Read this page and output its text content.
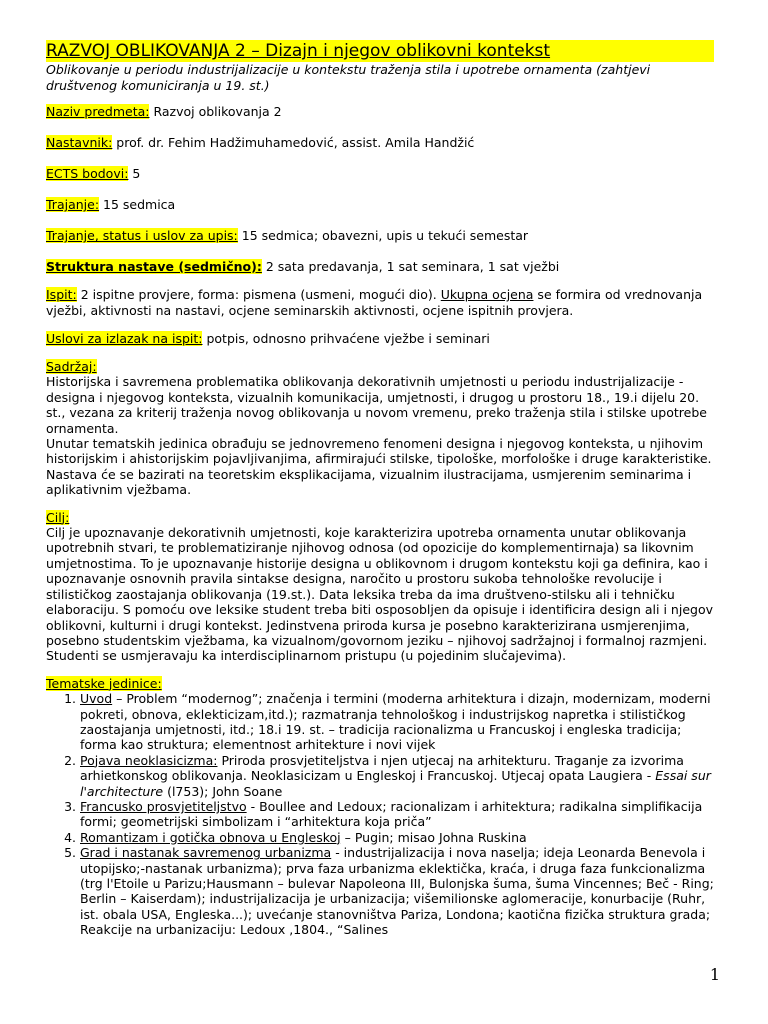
RAZVOJ OBLIKOVANJA 2 – Dizajn i njegov oblikovni kontekst
Oblikovanje u periodu industrijalizacije u kontekstu traženja stila i upotrebe ornamenta (zahtjevi društvenog komuniciranja u 19. st.)
Naziv predmeta: Razvoj oblikovanja 2
Nastavnik: prof. dr. Fehim Hadžimuhamedović, assist. Amila Handžić
ECTS bodovi: 5
Trajanje: 15 sedmica
Trajanje, status i uslov za upis: 15 sedmica; obavezni, upis u tekući semestar
Struktura nastave (sedmično): 2 sata predavanja, 1 sat seminara, 1 sat vježbi
Ispit: 2 ispitne provjere, forma: pismena (usmeni, mogući dio). Ukupna ocjena se formira od vrednovanja vježbi, aktivnosti na nastavi, ocjene seminarskih aktivnosti, ocjene ispitnih provjera.
Uslovi za izlazak na ispit: potpis, odnosno prihvaćene vježbe i seminari
Sadržaj:
Historijska i savremena problematika oblikovanja dekorativnih umjetnosti u periodu industrijalizacije - designa i njegovog konteksta, vizualnih komunikacija, umjetnosti, i drugog u prostoru 18., 19.i dijelu 20. st., vezana za kriterij traženja novog oblikovanja u novom vremenu, preko traženja stila i stilske upotrebe ornamenta.
Unutar tematskih jedinica obrađuju se jednovremeno fenomeni designa i njegovog konteksta, u njihovim historijskim i ahistorijskim pojavljivanjima, afirmirajući stilske, tipološke, morfološke i druge karakteristike. Nastava će se bazirati na teoretskim eksplikacijama, vizualnim ilustracijama, usmjerenim seminarima i aplikativnim vježbama.
Cilj:
Cilj je upoznavanje dekorativnih umjetnosti, koje karakterizira upotreba ornamenta unutar oblikovanja upotrebnih stvari, te problematiziranje njihovog odnosa (od opozicije do komplementirnaja) sa likovnim umjetnostima. To je upoznavanje historije designa u oblikovnom i drugom kontekstu koji ga definira, kao i upoznavanje osnovnih pravila sintakse designa, naročito u prostoru sukoba tehnološke revolucije i stilističkog zaostajanja oblikovanja (19.st.). Data leksika treba da ima društveno-stilsku ali i tehničku elaboraciju. S pomoću ove leksike student treba biti osposobljen da opisuje i identificira design ali i njegov oblikovni, kulturni i drugi kontekst. Jedinstvena priroda kursa je posebno karakterizirana usmjerenjima, posebno studentskim vježbama, ka vizualnom/govornom jeziku – njihovoj sadržajnoj i formalnoj razmjeni. Studenti se usmjeravaju ka interdisciplinarnom pristupu (u pojedinim slučajevima).
Tematske jedinice:
1. Uvod – Problem “modernog”; značenja i termini (moderna arhitektura i dizajn, modernizam, moderni pokreti, obnova, eklekticizam,itd.); razmatranja tehnološkog i industrijskog napretka i stilističkog zaostajanja umjetnosti, itd.; 18.i 19. st. – tradicija racionalizma u Francuskoj i engleska tradicija; forma kao struktura; elementnost arhitekture i novi vijek
2. Pojava neoklasicizma: Priroda prosvjetiteljstva i njen utjecaj na arhitekturu. Traganje za izvorima arhietkonskog oblikovanja. Neoklasicizam u Engleskoj i Francuskoj. Utjecaj opata Laugiera - Essai sur l'architecture (l753); John Soane
3. Francusko prosvjetiteljstvo - Boullee and Ledoux; racionalizam i arhitektura; radikalna simplifikacija formi; geometrijski simbolizam i “arhitektura koja priča”
4. Romantizam i gotička obnova u Engleskoj – Pugin; misao Johna Ruskina
5. Grad i nastanak savremenog urbanizma - industrijalizacija i nova naselja; ideja Leonarda Benevola i utopijsko;-nastanak urbanizma); prva faza urbanizma eklektička, kraća, i druga faza funkcionalizma (trg l'Etoile u Parizu;Hausmann – bulevar Napoleona III, Bulonjska šuma, šuma Vincennes; Beč - Ring; Berlin – Kaiserdam); industrijalizacija je urbanizacija; višemilionske aglomeracije, konurbacije (Ruhr, ist. obala USA, Engleska...); uvećanje stanovništva Pariza, Londona; kaotična fizička struktura grada; Reakcije na urbanizaciju: Ledoux ,1804., “Salines
1
